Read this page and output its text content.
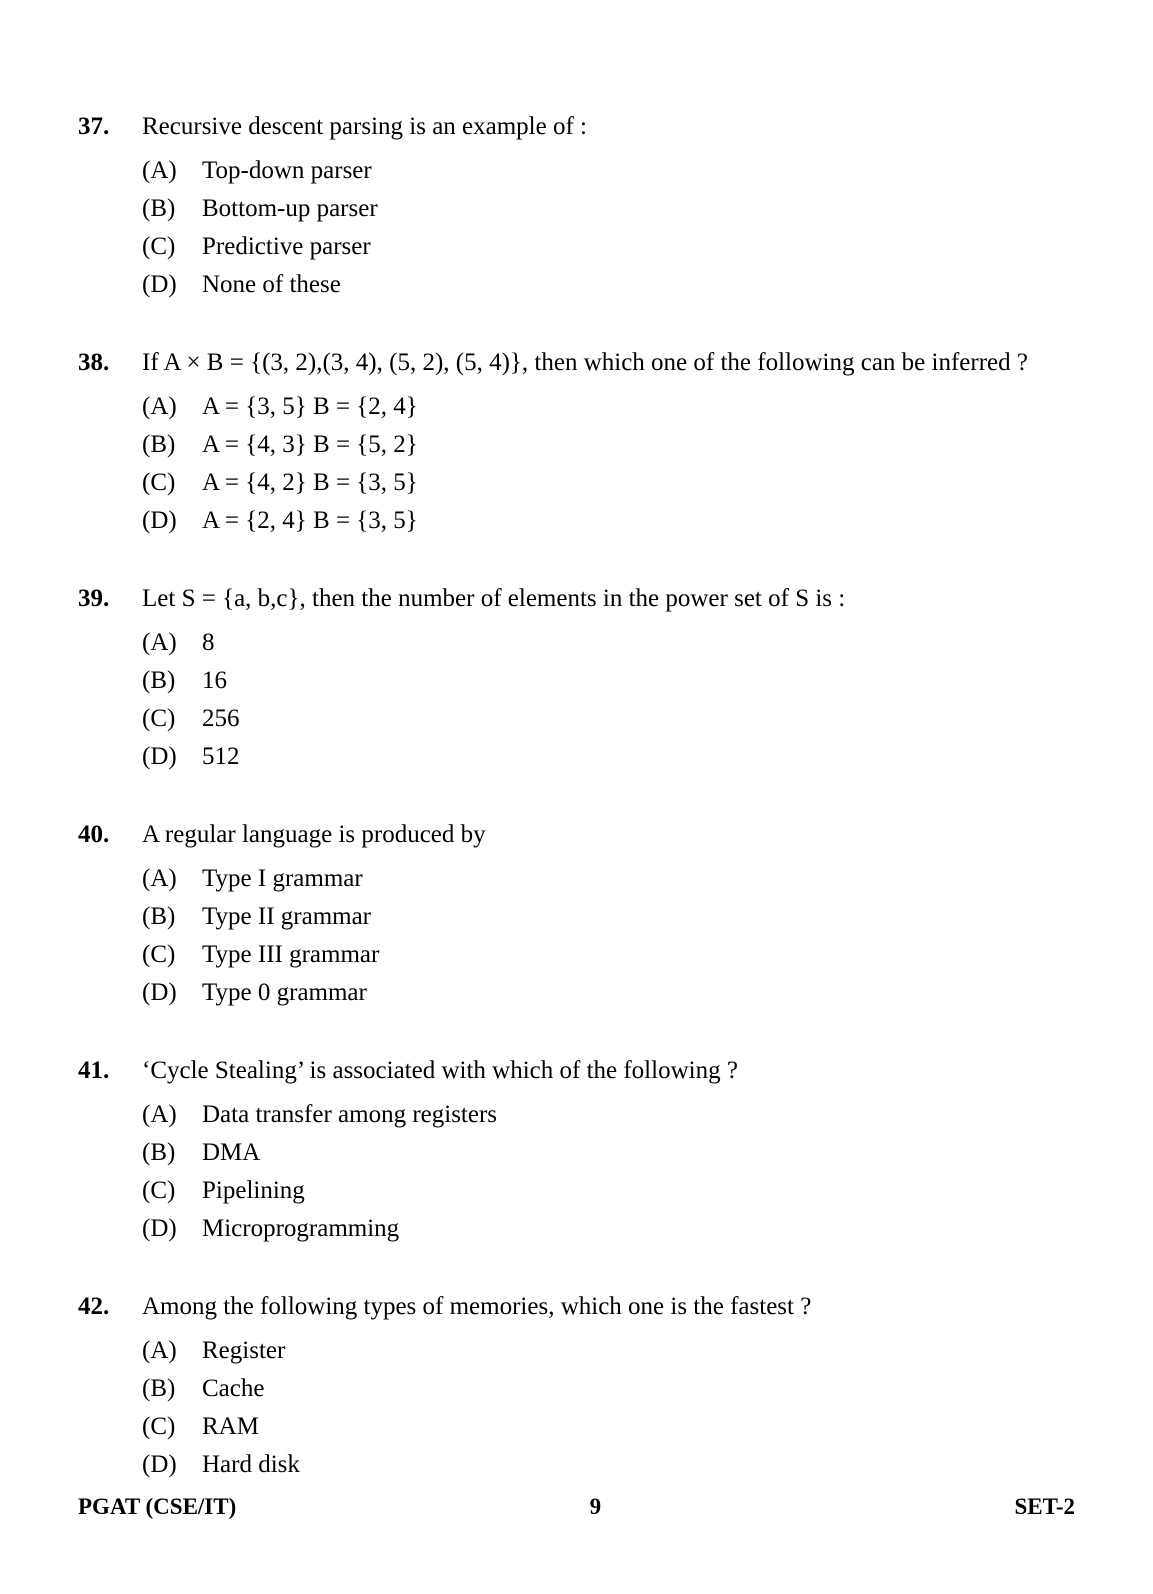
37.	Recursive descent parsing is an example of :
(A)	Top-down parser
(B)	Bottom-up parser
(C)	Predictive parser
(D)	None of these
38.	If A × B = {(3, 2),(3, 4), (5, 2), (5, 4)}, then which one of the following can be inferred ?
(A)	A = {3, 5} B = {2, 4}
(B)	A = {4, 3} B = {5, 2}
(C)	A = {4, 2} B = {3, 5}
(D)	A = {2, 4} B = {3, 5}
39.	Let S = {a, b,c}, then the number of elements in the power set of S is :
(A)	8
(B)	16
(C)	256
(D)	512
40.	A regular language is produced by
(A)	Type I grammar
(B)	Type II grammar
(C)	Type III grammar
(D)	Type 0 grammar
41.	‘Cycle Stealing’ is associated with which of the following ?
(A)	Data transfer among registers
(B)	DMA
(C)	Pipelining
(D)	Microprogramming
42.	Among the following types of memories, which one is the fastest ?
(A)	Register
(B)	Cache
(C)	RAM
(D)	Hard disk
PGAT (CSE/IT)	9	SET-2
